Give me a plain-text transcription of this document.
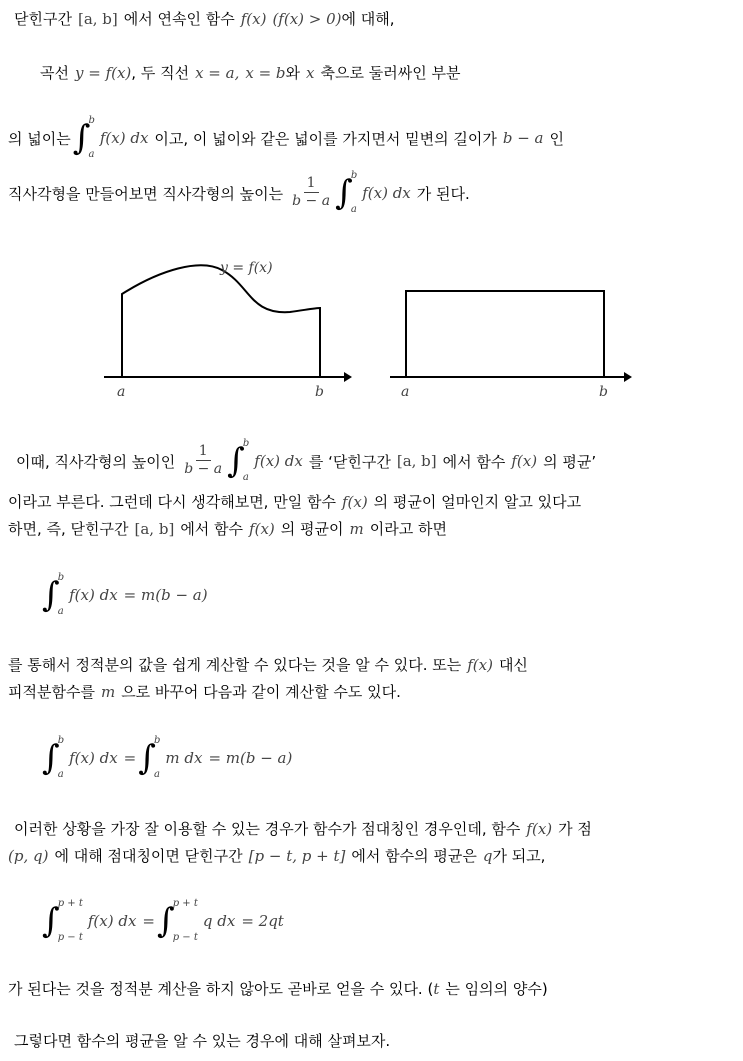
닫힌구간 [a, b] 에서 연속인 함수 f(x) (f(x) > 0) 에 대해,
곡선 y = f(x) , 두 직선 x = a, x = b 와 x 축으로 둘러싸인 부분
의 넓이는 ∫
b
a
f(x) dx 이고, 이 넓이와 같은 넓이를 가지면서 밑변의 길이가 b − a 인
직사각형을 만들어보면 직사각형의 높이는 $\frac{1}{b - a}$ ∫
b
a
f(x) dx 가 된다.
y = f(x)
a	b	a	b
이때, 직사각형의 높이인 $\frac{1}{b - a}$ ∫
b
a
f(x) dx 를 ‘닫힌구간 [a, b] 에서 함수 f(x) 의 평균’
이라고 부른다. 그런데 다시 생각해보면, 만일 함수 f(x) 의 평균이 얼마인지 알고 있다고
하면, 즉, 닫힌구간 [a, b] 에서 함수 f(x) 의 평균이 m 이라고 하면
∫
b
a
f(x) dx = m(b − a)
를 통해서 정적분의 값을 쉽게 계산할 수 있다는 것을 알 수 있다. 또는 f(x) 대신
피적분함수를 m 으로 바꾸어 다음과 같이 계산할 수도 있다.
∫
b
a
f(x) dx = ∫
b
a
m dx = m(b − a)
이러한 상황을 가장 잘 이용할 수 있는 경우가 함수가 점대칭인 경우인데, 함수 f(x) 가 점
(p, q) 에 대해 점대칭이면 닫힌구간 [p − t, p + t] 에서 함수의 평균은 q 가 되고,
∫
p + t
p − t
f(x) dx = ∫
p + t
p − t
q dx = 2qt
가 된다는 것을 정적분 계산을 하지 않아도 곧바로 얻을 수 있다. ( t 는 임의의 양수)
그렇다면 함수의 평균을 알 수 있는 경우에 대해 살펴보자.
